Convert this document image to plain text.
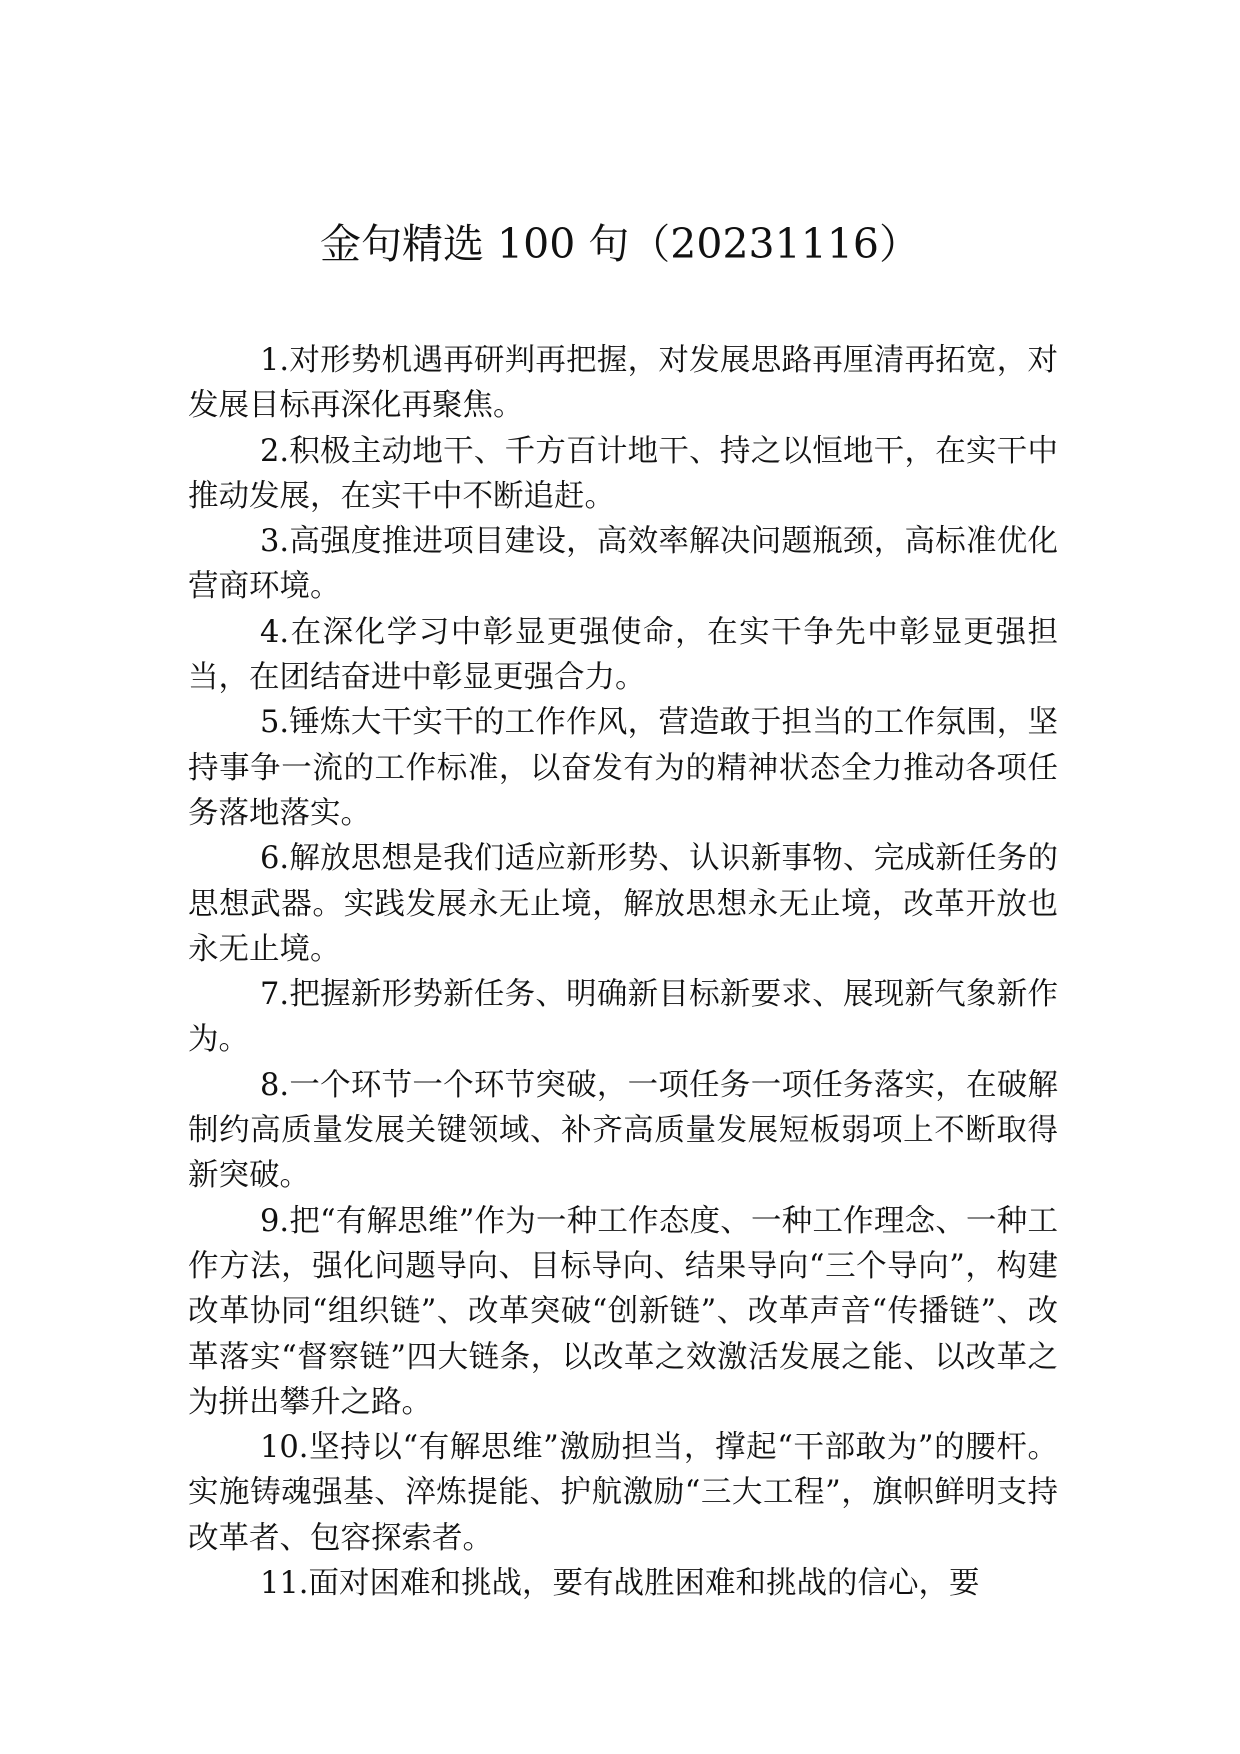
金句精选 100 句（20231116）

1.对形势机遇再研判再把握，对发展思路再厘清再拓宽，对发展目标再深化再聚焦。

2.积极主动地干、千方百计地干、持之以恒地干，在实干中推动发展，在实干中不断追赶。

3.高强度推进项目建设，高效率解决问题瓶颈，高标准优化营商环境。

4.在深化学习中彰显更强使命，在实干争先中彰显更强担当，在团结奋进中彰显更强合力。

5.锤炼大干实干的工作作风，营造敢于担当的工作氛围，坚持事争一流的工作标准，以奋发有为的精神状态全力推动各项任务落地落实。

6.解放思想是我们适应新形势、认识新事物、完成新任务的思想武器。实践发展永无止境，解放思想永无止境，改革开放也永无止境。

7.把握新形势新任务、明确新目标新要求、展现新气象新作为。

8.一个环节一个环节突破，一项任务一项任务落实，在破解制约高质量发展关键领域、补齐高质量发展短板弱项上不断取得新突破。

9.把“有解思维”作为一种工作态度、一种工作理念、一种工作方法，强化问题导向、目标导向、结果导向“三个导向”，构建改革协同“组织链”、改革突破“创新链”、改革声音“传播链”、改革落实“督察链”四大链条，以改革之效激活发展之能、以改革之为拼出攀升之路。

10.坚持以“有解思维”激励担当，撑起“干部敢为”的腰杆。实施铸魂强基、淬炼提能、护航激励“三大工程”，旗帜鲜明支持改革者、包容探索者。

11.面对困难和挑战，要有战胜困难和挑战的信心，要
